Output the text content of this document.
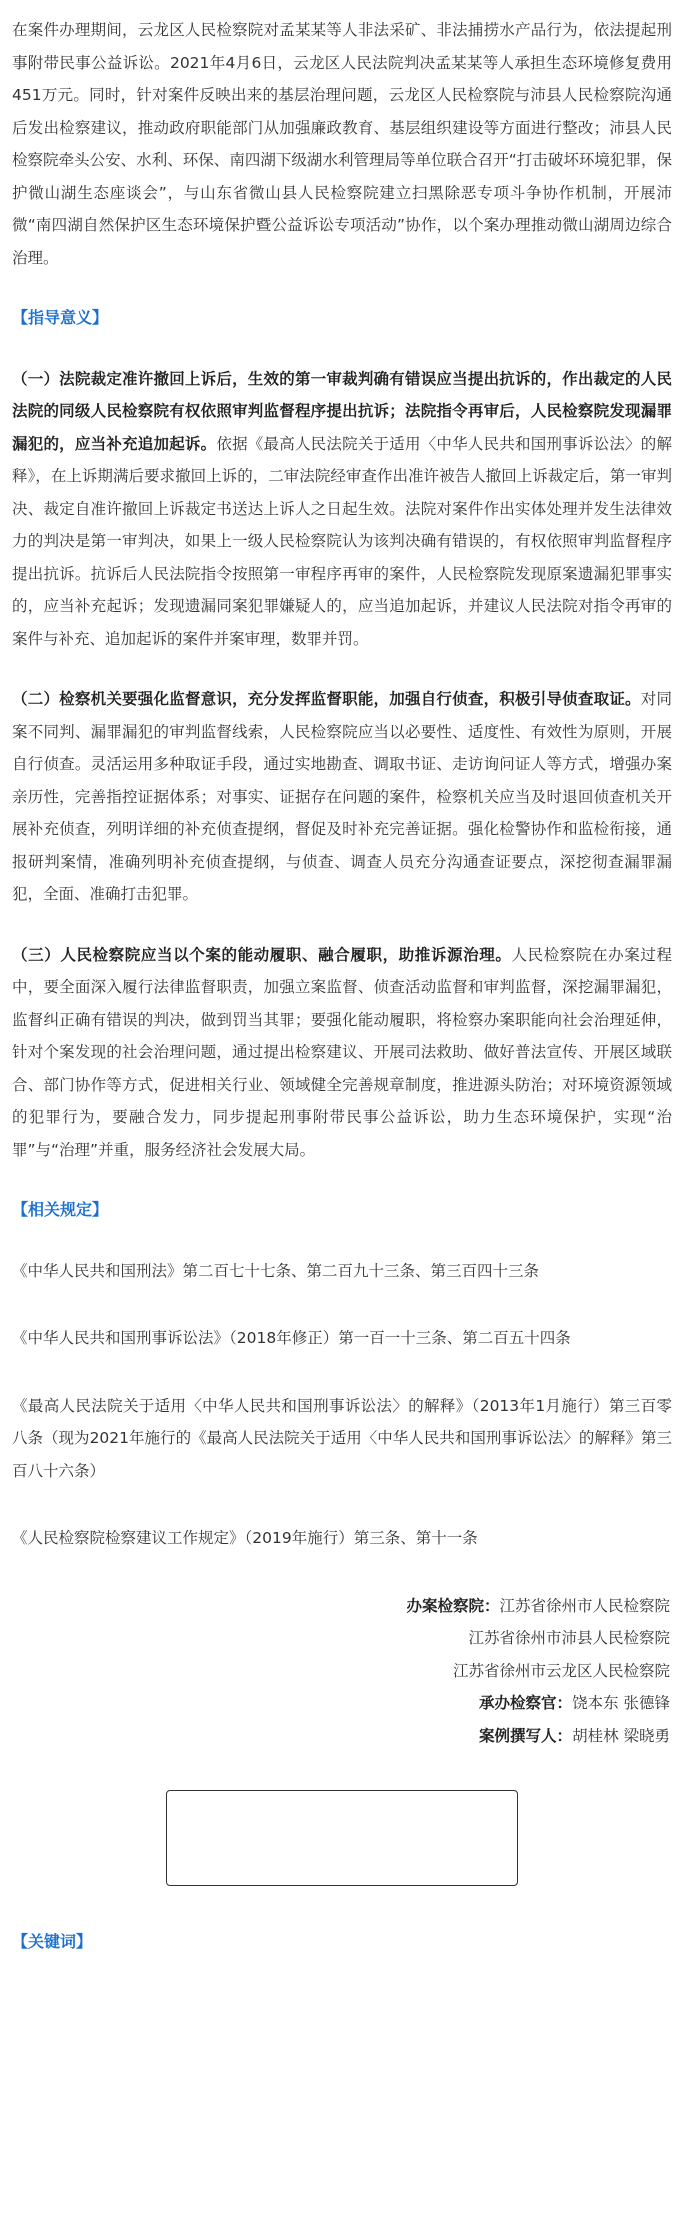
在案件办理期间，云龙区人民检察院对孟某某等人非法采矿、非法捕捞水产品行为，依法提起刑事附带民事公益诉讼。2021年4月6日，云龙区人民法院判决孟某某等人承担生态环境修复费用451万元。同时，针对案件反映出来的基层治理问题，云龙区人民检察院与沛县人民检察院沟通后发出检察建议，推动政府职能部门从加强廉政教育、基层组织建设等方面进行整改；沛县人民检察院牵头公安、水利、环保、南四湖下级湖水利管理局等单位联合召开“打击破坏环境犯罪，保护微山湖生态座谈会”，与山东省微山县人民检察院建立扫黑除恶专项斗争协作机制，开展沛微“南四湖自然保护区生态环境保护暨公益诉讼专项活动”协作，以个案办理推动微山湖周边综合治理。

【指导意义】

（一）法院裁定准许撤回上诉后，生效的第一审裁判确有错误应当提出抗诉的，作出裁定的人民法院的同级人民检察院有权依照审判监督程序提出抗诉；法院指令再审后，人民检察院发现漏罪漏犯的，应当补充追加起诉。依据《最高人民法院关于适用〈中华人民共和国刑事诉讼法〉的解释》，在上诉期满后要求撤回上诉的，二审法院经审查作出准许被告人撤回上诉裁定后，第一审判决、裁定自准许撤回上诉裁定书送达上诉人之日起生效。法院对案件作出实体处理并发生法律效力的判决是第一审判决，如果上一级人民检察院认为该判决确有错误的，有权依照审判监督程序提出抗诉。抗诉后人民法院指令按照第一审程序再审的案件，人民检察院发现原案遗漏犯罪事实的，应当补充起诉；发现遗漏同案犯罪嫌疑人的，应当追加起诉，并建议人民法院对指令再审的案件与补充、追加起诉的案件并案审理，数罪并罚。

（二）检察机关要强化监督意识，充分发挥监督职能，加强自行侦查，积极引导侦查取证。对同案不同判、漏罪漏犯的审判监督线索，人民检察院应当以必要性、适度性、有效性为原则，开展自行侦查。灵活运用多种取证手段，通过实地勘查、调取书证、走访询问证人等方式，增强办案亲历性，完善指控证据体系；对事实、证据存在问题的案件，检察机关应当及时退回侦查机关开展补充侦查，列明详细的补充侦查提纲，督促及时补充完善证据。强化检警协作和监检衔接，通报研判案情，准确列明补充侦查提纲，与侦查、调查人员充分沟通查证要点，深挖彻查漏罪漏犯，全面、准确打击犯罪。

（三）人民检察院应当以个案的能动履职、融合履职，助推诉源治理。人民检察院在办案过程中，要全面深入履行法律监督职责，加强立案监督、侦查活动监督和审判监督，深挖漏罪漏犯，监督纠正确有错误的判决，做到罚当其罪；要强化能动履职，将检察办案职能向社会治理延伸，针对个案发现的社会治理问题，通过提出检察建议、开展司法救助、做好普法宣传、开展区域联合、部门协作等方式，促进相关行业、领域健全完善规章制度，推进源头防治；对环境资源领域的犯罪行为，要融合发力，同步提起刑事附带民事公益诉讼，助力生态环境保护，实现“治罪”与“治理”并重，服务经济社会发展大局。

【相关规定】

《中华人民共和国刑法》第二百七十七条、第二百九十三条、第三百四十三条

《中华人民共和国刑事诉讼法》（2018年修正）第一百一十三条、第二百五十四条

《最高人民法院关于适用〈中华人民共和国刑事诉讼法〉的解释》（2013年1月施行）第三百零八条（现为2021年施行的《最高人民法院关于适用〈中华人民共和国刑事诉讼法〉的解释》第三百八十六条）

《人民检察院检察建议工作规定》（2019年施行）第三条、第十一条

办案检察院：江苏省徐州市人民检察院
江苏省徐州市沛县人民检察院
江苏省徐州市云龙区人民检察院
承办检察官：饶本东 张德锋
案例撰写人：胡桂林 梁晓勇

【关键词】
